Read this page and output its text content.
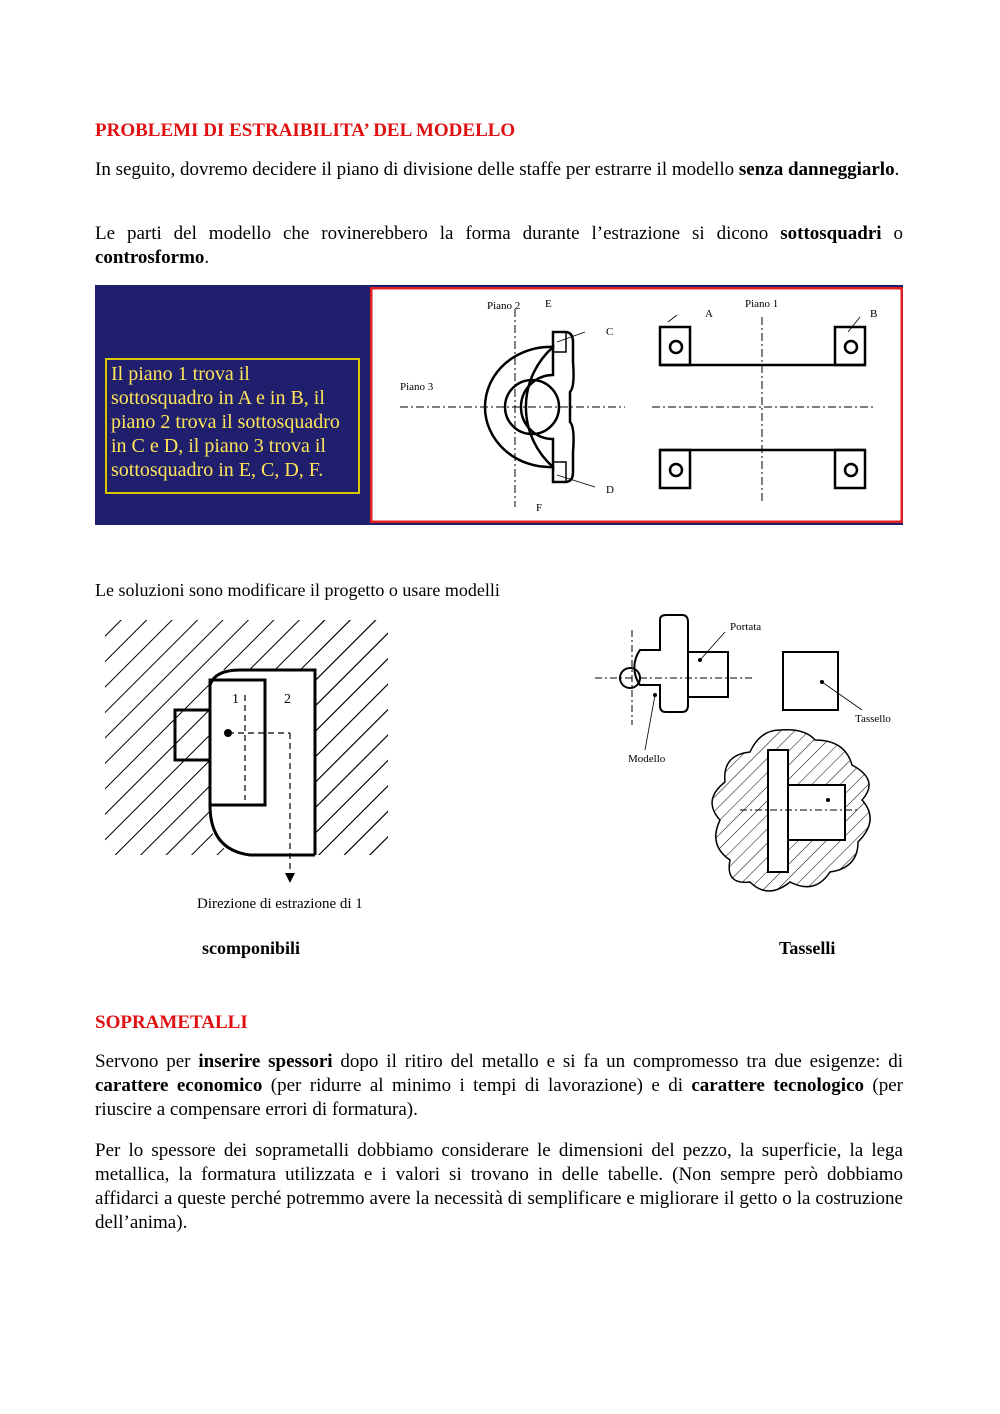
PROBLEMI DI ESTRAIBILITA’ DEL MODELLO
In seguito, dovremo decidere il piano di divisione delle staffe per estrarre il modello senza danneggiarlo.
Le parti del modello che rovinerebbero la forma durante l’estrazione si dicono sottosquadri o controsformo.
Il piano 1 trova il sottosquadro in A e in B, il piano 2 trova il sottosquadro in C e D, il piano 3 trova il sottosquadro in E, C, D, F.
Piano 2 E
C
Piano 3
D
F
Piano 1
A	B
Le soluzioni sono modificare il progetto o usare modelli
1	2
Direzione di estrazione di 1
Portata
Modello
Tassello
scomponibili	Tasselli
SOPRAMETALLI
Servono per inserire spessori dopo il ritiro del metallo e si fa un compromesso tra due esigenze: di carattere economico (per ridurre al minimo i tempi di lavorazione) e di carattere tecnologico (per riuscire a compensare errori di formatura).
Per lo spessore dei soprametalli dobbiamo considerare le dimensioni del pezzo, la superficie, la lega metallica, la formatura utilizzata e i valori si trovano in delle tabelle. (Non sempre però dobbiamo affidarci a queste perché potremmo avere la necessità di semplificare e migliorare il getto o la costruzione dell’anima).
